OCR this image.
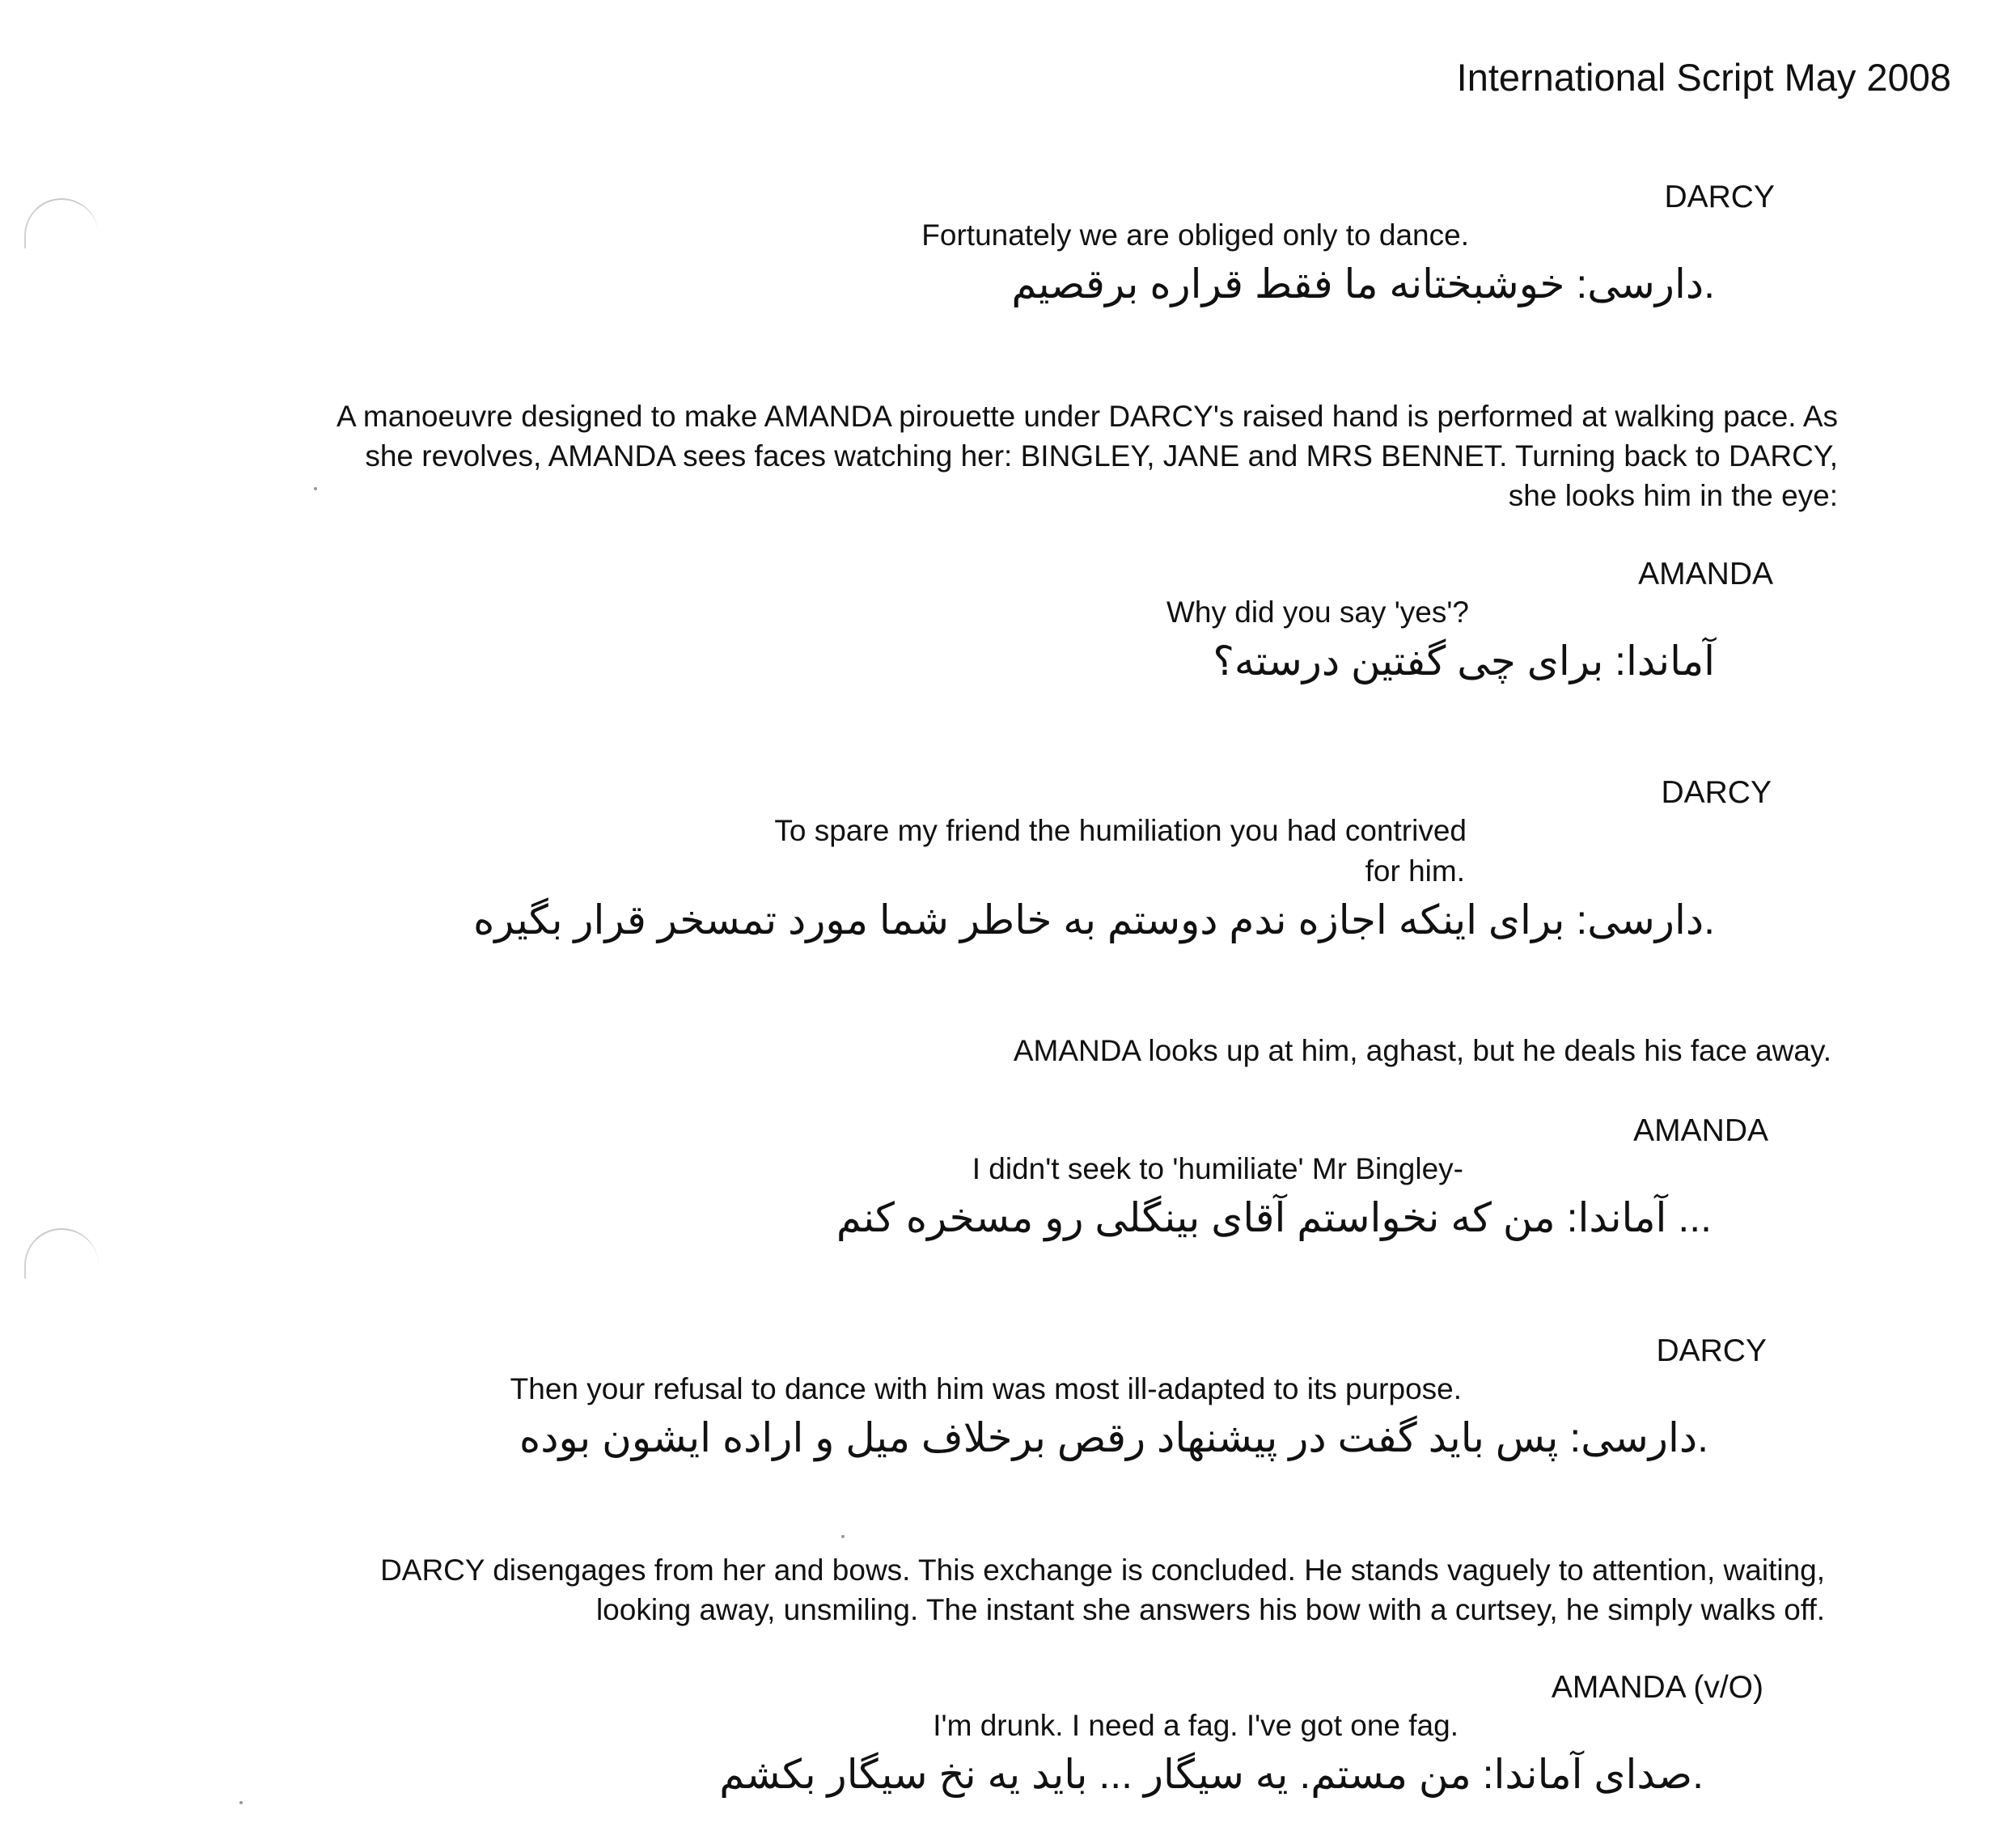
International Script May 2008
DARCY
Fortunately we are obliged only to dance.
.دارسی: خوشبختانه ما فقط قراره برقصیم
A manoeuvre designed to make AMANDA pirouette under DARCY's raised hand is performed at walking pace. As
she revolves, AMANDA sees faces watching her: BINGLEY, JANE and MRS BENNET. Turning back to DARCY,
she looks him in the eye:
AMANDA
Why did you say 'yes'?
آماندا: برای چی گفتین درسته؟
DARCY
To spare my friend the humiliation you had contrived
for him.
.دارسی: برای اینکه اجازه ندم دوستم به خاطر شما مورد تمسخر قرار بگیره
AMANDA looks up at him, aghast, but he deals his face away.
AMANDA
I didn't seek to 'humiliate' Mr Bingley-
... آماندا: من که نخواستم آقای بینگلی رو مسخره کنم
DARCY
Then your refusal to dance with him was most ill-adapted to its purpose.
.دارسی: پس باید گفت در پیشنهاد رقص برخلاف میل و اراده ایشون بوده
DARCY disengages from her and bows. This exchange is concluded. He stands vaguely to attention, waiting,
looking away, unsmiling. The instant she answers his bow with a curtsey, he simply walks off.
AMANDA (v/O)
I'm drunk. I need a fag. I've got one fag.
.صدای آماندا: من مستم. یه سیگار ... باید یه نخ سیگار بکشم
